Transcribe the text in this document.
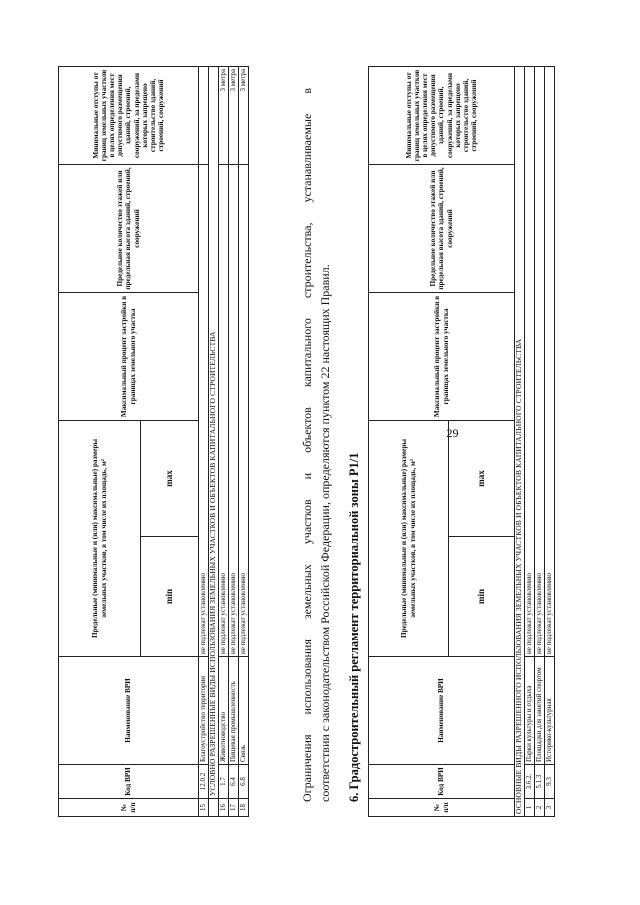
29
№ п/п	Код ВРИ	Наименование ВРИ	Предельные (минимальные и (или) максимальные) размеры земельных участков, в том числе их площадь, м²		Максимальный процент застройки в границах земельного участка	Предельное количество этажей или предельная высота зданий, строений, сооружений	Минимальные отступы от границ земельных участков в целях определения мест допустимого размещения зданий, строений, сооружений, за пределами которых запрещено строительство зданий, строений, сооружений
			min	max			
15	12.0.2	Благоустройство территории	не подлежат установлению				
	УСЛОВНО РАЗРЕШЕННЫЕ ВИДЫ ИСПОЛЬЗОВАНИЯ ЗЕМЕЛЬНЫХ УЧАСТКОВ И ОБЪЕКТОВ КАПИТАЛЬНОГО СТРОИТЕЛЬСТВА						
16	1.7	Животноводство	не подлежат установлению				3 метра
17	6.4	Пищевая промышленность	не подлежат установлению				3 метра
18	6.8	Связь	не подлежат установлению				3 метра
Ограничения использования земельных участков и объектов капитального строительства, устанавливаемые в соответствии с законодательством Российской Федерации, определяются пунктом 22 настоящих Правил. 6. Градостроительный регламент территориальной зоны Р1/1
№ п/п	Код ВРИ	Наименование ВРИ	Предельные (минимальные и (или) максимальные) размеры земельных участков, в том числе их площадь, м²		Максимальный процент застройки в границах земельного участка	Предельное количество этажей или предельная высота зданий, строений, сооружений	Минимальные отступы от границ земельных участков в целях определения мест допустимого размещения зданий, строений, сооружений, за пределами которых запрещено строительство зданий, строений, сооружений
			min	max			
ОСНОВНЫЕ ВИДЫ РАЗРЕШЕННОГО ИСПОЛЬЗОВАНИЯ ЗЕМЕЛЬНЫХ УЧАСТКОВ И ОБЪЕКТОВ КАПИТАЛЬНОГО СТРОИТЕЛЬСТВА							
1	3.6.2.	Парки культуры и отдыха	не подлежат установлению				
2	5.1.3	Площадки для занятий спортом	не подлежат установлению				
3	9.3	Историко-культурная	не подлежат установлению				
